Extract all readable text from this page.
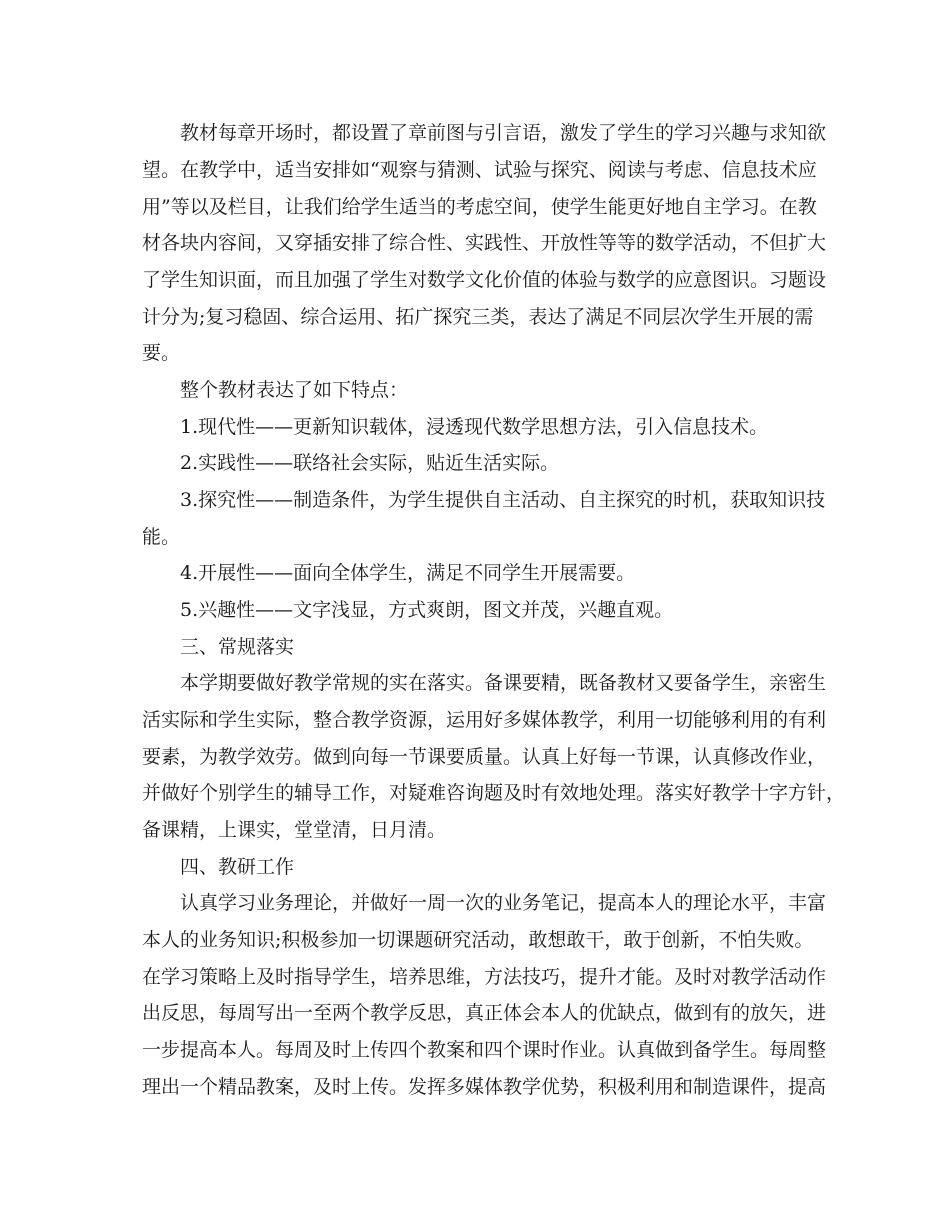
教材每章开场时，都设置了章前图与引言语，激发了学生的学习兴趣与求知欲
望。在教学中，适当安排如“观察与猜测、试验与探究、阅读与考虑、信息技术应
用”等以及栏目，让我们给学生适当的考虑空间，使学生能更好地自主学习。在教
材各块内容间，又穿插安排了综合性、实践性、开放性等等的数学活动，不但扩大
了学生知识面，而且加强了学生对数学文化价值的体验与数学的应意图识。习题设
计分为;复习稳固、综合运用、拓广探究三类，表达了满足不同层次学生开展的需
要。
整个教材表达了如下特点：
1.现代性——更新知识载体，浸透现代数学思想方法，引入信息技术。
2.实践性——联络社会实际，贴近生活实际。
3.探究性——制造条件，为学生提供自主活动、自主探究的时机，获取知识技
能。
4.开展性——面向全体学生，满足不同学生开展需要。
5.兴趣性——文字浅显，方式爽朗，图文并茂，兴趣直观。
三、常规落实
本学期要做好教学常规的实在落实。备课要精，既备教材又要备学生，亲密生
活实际和学生实际，整合教学资源，运用好多媒体教学，利用一切能够利用的有利
要素，为教学效劳。做到向每一节课要质量。认真上好每一节课，认真修改作业，
并做好个别学生的辅导工作，对疑难咨询题及时有效地处理。落实好教学十字方针，
备课精，上课实，堂堂清，日月清。
四、教研工作
认真学习业务理论，并做好一周一次的业务笔记，提高本人的理论水平，丰富
本人的业务知识;积极参加一切课题研究活动，敢想敢干，敢于创新，不怕失败。
在学习策略上及时指导学生，培养思维，方法技巧，提升才能。及时对教学活动作
出反思，每周写出一至两个教学反思，真正体会本人的优缺点，做到有的放矢，进
一步提高本人。每周及时上传四个教案和四个课时作业。认真做到备学生。每周整
理出一个精品教案，及时上传。发挥多媒体教学优势，积极利用和制造课件，提高
